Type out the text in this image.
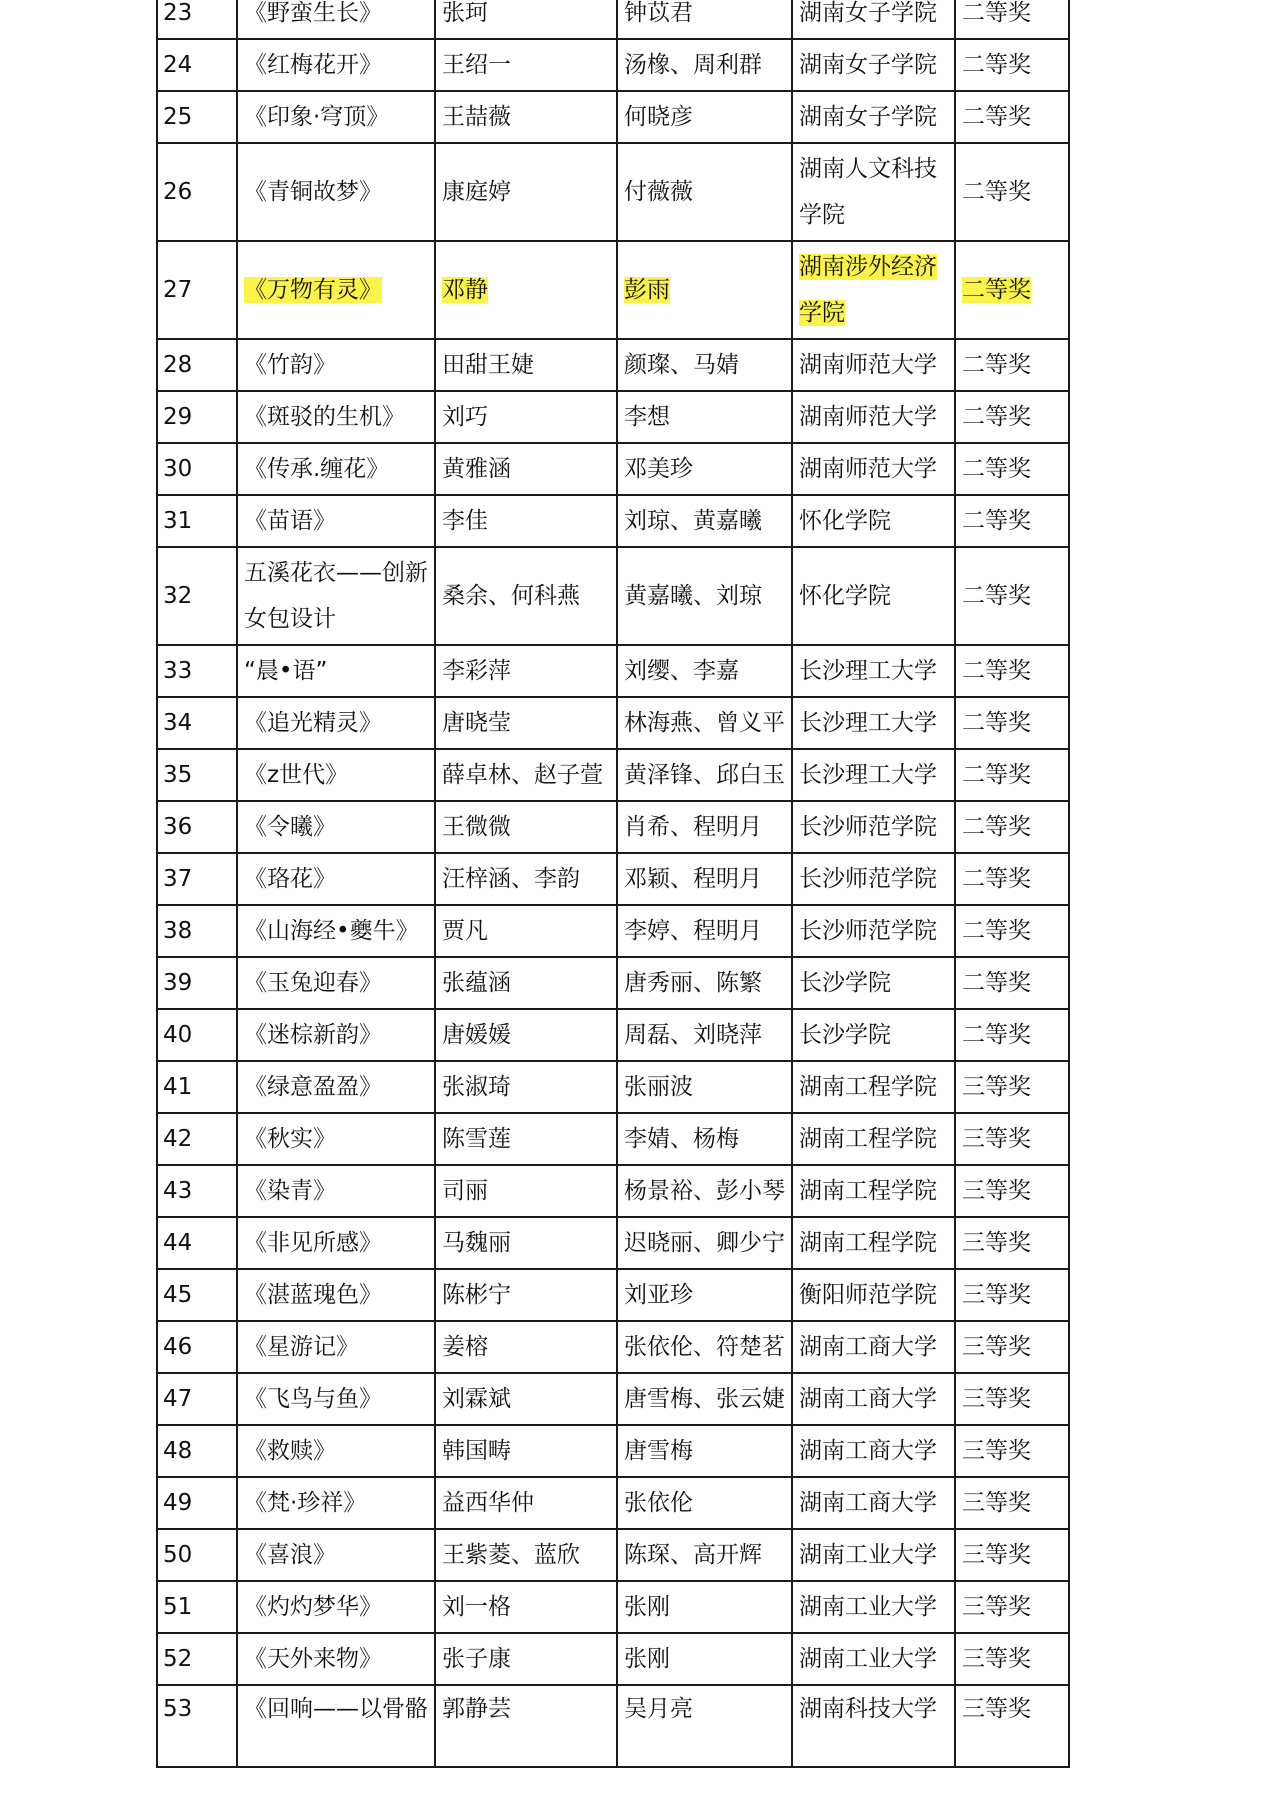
23	《野蛮生长》	张珂	钟苡君	湖南女子学院	二等奖
24	《红梅花开》	王绍一	汤橡、周利群	湖南女子学院	二等奖
25	《印象·穹顶》	王喆薇	何晓彦	湖南女子学院	二等奖
26	《青铜故梦》	康庭婷	付薇薇	湖南人文科技学院	二等奖
27	《万物有灵》	邓静	彭雨	湖南涉外经济学院	二等奖
28	《竹韵》	田甜王婕	颜璨、马婧	湖南师范大学	二等奖
29	《斑驳的生机》	刘巧	李想	湖南师范大学	二等奖
30	《传承.缠花》	黄雅涵	邓美珍	湖南师范大学	二等奖
31	《苗语》	李佳	刘琼、黄嘉曦	怀化学院	二等奖
32	五溪花衣——创新女包设计	桑余、何科燕	黄嘉曦、刘琼	怀化学院	二等奖
33	“晨•语”	李彩萍	刘缨、李嘉	长沙理工大学	二等奖
34	《追光精灵》	唐晓莹	林海燕、曾义平	长沙理工大学	二等奖
35	《z世代》	薛卓林、赵子萱	黄泽锋、邱白玉	长沙理工大学	二等奖
36	《令曦》	王微微	肖希、程明月	长沙师范学院	二等奖
37	《珞花》	汪梓涵、李韵	邓颖、程明月	长沙师范学院	二等奖
38	《山海经•夔牛》	贾凡	李婷、程明月	长沙师范学院	二等奖
39	《玉兔迎春》	张蕴涵	唐秀丽、陈繁	长沙学院	二等奖
40	《迷棕新韵》	唐媛媛	周磊、刘晓萍	长沙学院	二等奖
41	《绿意盈盈》	张淑琦	张丽波	湖南工程学院	三等奖
42	《秋实》	陈雪莲	李婧、杨梅	湖南工程学院	三等奖
43	《染青》	司丽	杨景裕、彭小琴	湖南工程学院	三等奖
44	《非见所感》	马魏丽	迟晓丽、卿少宁	湖南工程学院	三等奖
45	《湛蓝瑰色》	陈彬宁	刘亚珍	衡阳师范学院	三等奖
46	《星游记》	姜榕	张依伦、符楚茗	湖南工商大学	三等奖
47	《飞鸟与鱼》	刘霖斌	唐雪梅、张云婕	湖南工商大学	三等奖
48	《救赎》	韩国畴	唐雪梅	湖南工商大学	三等奖
49	《梵·珍祥》	益西华仲	张依伦	湖南工商大学	三等奖
50	《喜浪》	王紫菱、蓝欣	陈琛、高开辉	湖南工业大学	三等奖
51	《灼灼梦华》	刘一格	张刚	湖南工业大学	三等奖
52	《天外来物》	张子康	张刚	湖南工业大学	三等奖
53	《回响——以骨骼	郭静芸	吴月亮	湖南科技大学	三等奖
